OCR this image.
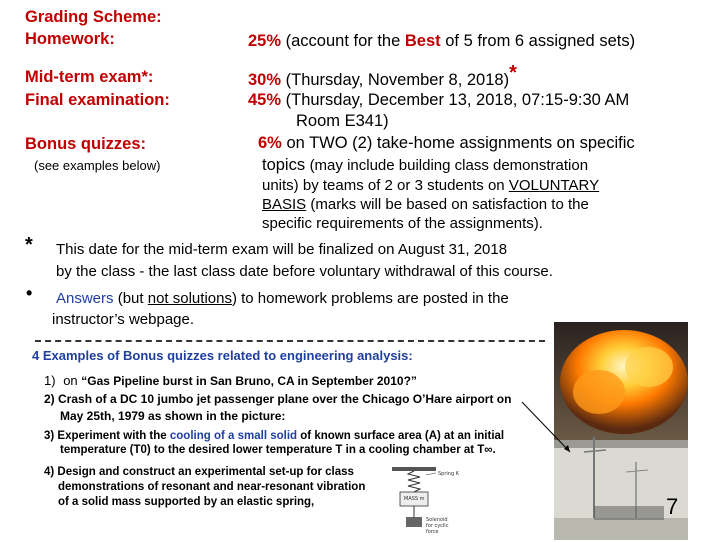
Grading Scheme:
Homework:	25% (account for the Best of 5 from 6 assigned sets)
Mid-term exam*:	30% (Thursday, November 8, 2018)*
Final examination:	45% (Thursday, December 13, 2018, 07:15-9:30 AM
Room E341)
Bonus quizzes:	6% on TWO (2) take-home assignments on specific
(see examples below)	topics (may include building class demonstration
units) by teams of 2 or 3 students on VOLUNTARY
BASIS (marks will be based on satisfaction to the
specific requirements of the assignments).
* This date for the mid-term exam will be finalized on August 31, 2018
by the class - the last class date before voluntary withdrawal of this course.
• Answers (but not solutions) to homework problems are posted in the
instructor’s webpage.
4 Examples of Bonus quizzes related to engineering analysis:
1) on “Gas Pipeline burst in San Bruno, CA in September 2010?”
2) Crash of a DC 10 jumbo jet passenger plane over the Chicago O’Hare airport on
May 25th, 1979 as shown in the picture:
3) Experiment with the cooling of a small solid of known surface area (A) at an initial
temperature (T0) to the desired lower temperature T in a cooling chamber at T∞.
4) Design and construct an experimental set-up for class
demonstrations of resonant and near-resonant vibration
of a solid mass supported by an elastic spring,
Spring K
MASS m
Solenoid
for cyclic
force
7
